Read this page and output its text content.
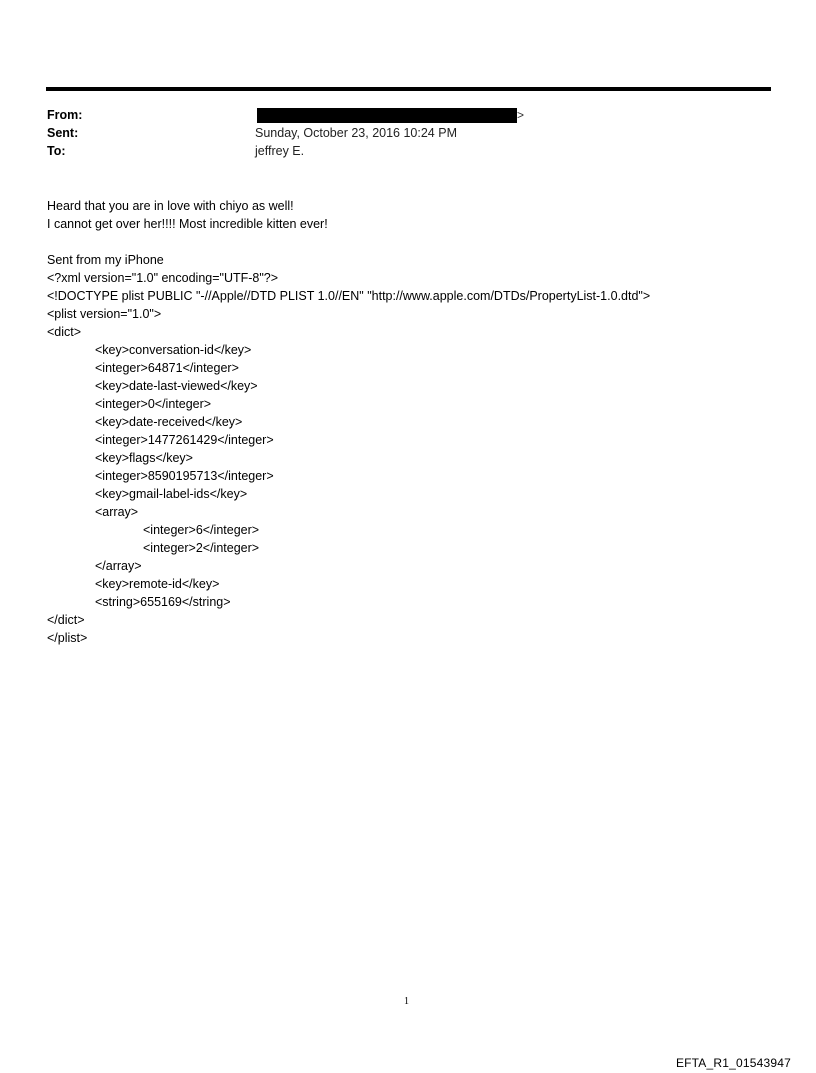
From:	>
Sent:	Sunday, October 23, 2016 10:24 PM
To:	jeffrey E.
Heard that you are in love with chiyo as well!
I cannot get over her!!!! Most incredible kitten ever!
Sent from my iPhone
<?xml version="1.0" encoding="UTF-8"?>
<!DOCTYPE plist PUBLIC "-//Apple//DTD PLIST 1.0//EN" "http://www.apple.com/DTDs/PropertyList-1.0.dtd">
<plist version="1.0">
<dict>
<key>conversation-id</key>
<integer>64871</integer>
<key>date-last-viewed</key>
<integer>0</integer>
<key>date-received</key>
<integer>1477261429</integer>
<key>flags</key>
<integer>8590195713</integer>
<key>gmail-label-ids</key>
<array>
<integer>6</integer>
<integer>2</integer>
</array>
<key>remote-id</key>
<string>655169</string>
</dict>
</plist>
1
EFTA_R1_01543947
